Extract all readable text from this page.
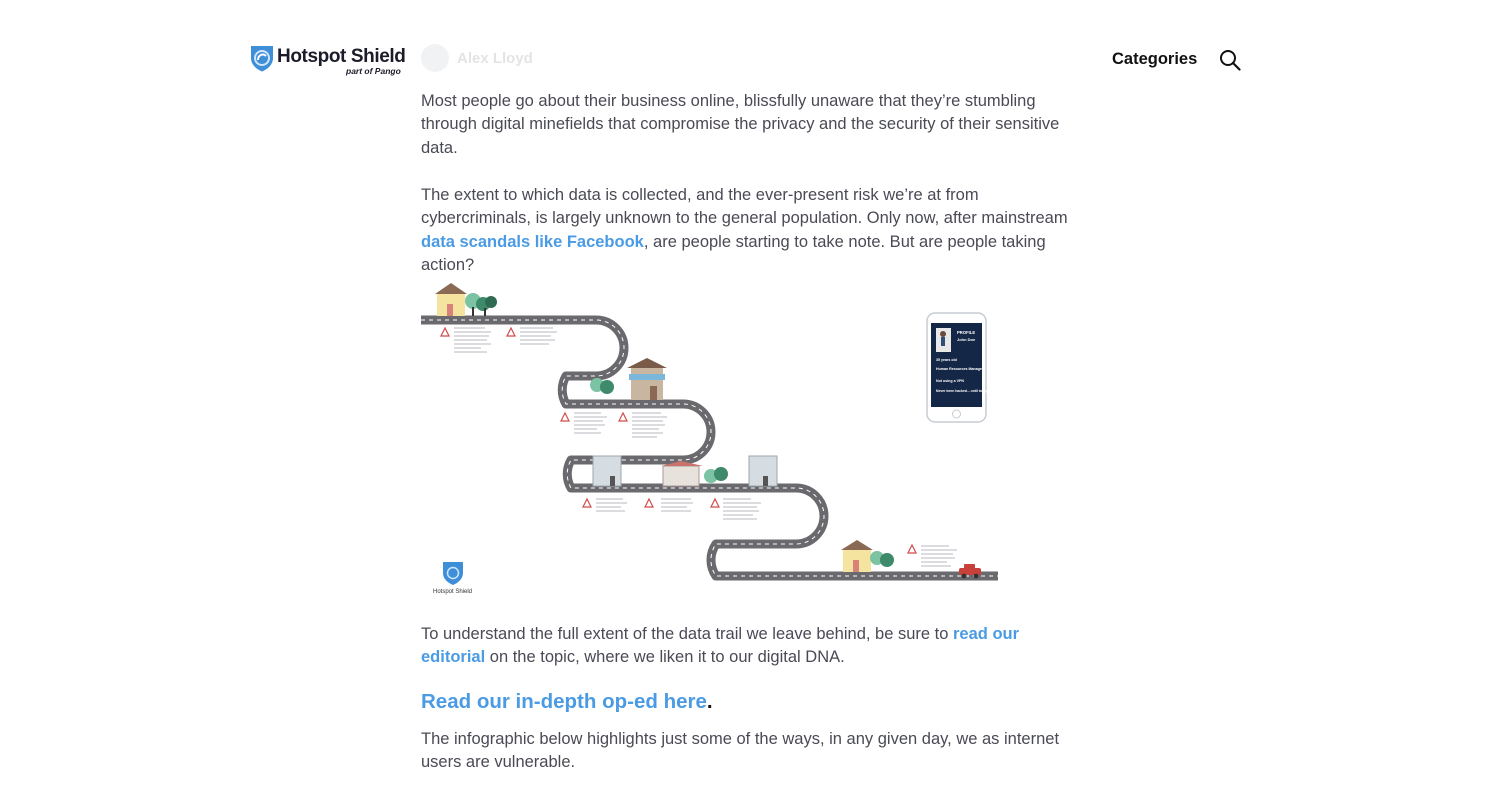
Hotspot Shield
part of Pango
Alex Lloyd	Categories

Most people go about their business online, blissfully unaware that they’re stumbling through digital minefields that compromise the privacy and the security of their sensitive data.

The extent to which data is collected, and the ever-present risk we’re at from cybercriminals, is largely unknown to the general population. Only now, after mainstream data scandals like Facebook, are people starting to take note. But are people taking action?

To understand the full extent of the data trail we leave behind, be sure to read our editorial on the topic, where we liken it to our digital DNA.

Read our in-depth op-ed here.

The infographic below highlights just some of the ways, in any given day, we as internet users are vulnerable.

PROFILE
John Doe
35 years old
Human Resources Manager
Not using a VPN
Never been hacked... until today
Hotspot Shield
